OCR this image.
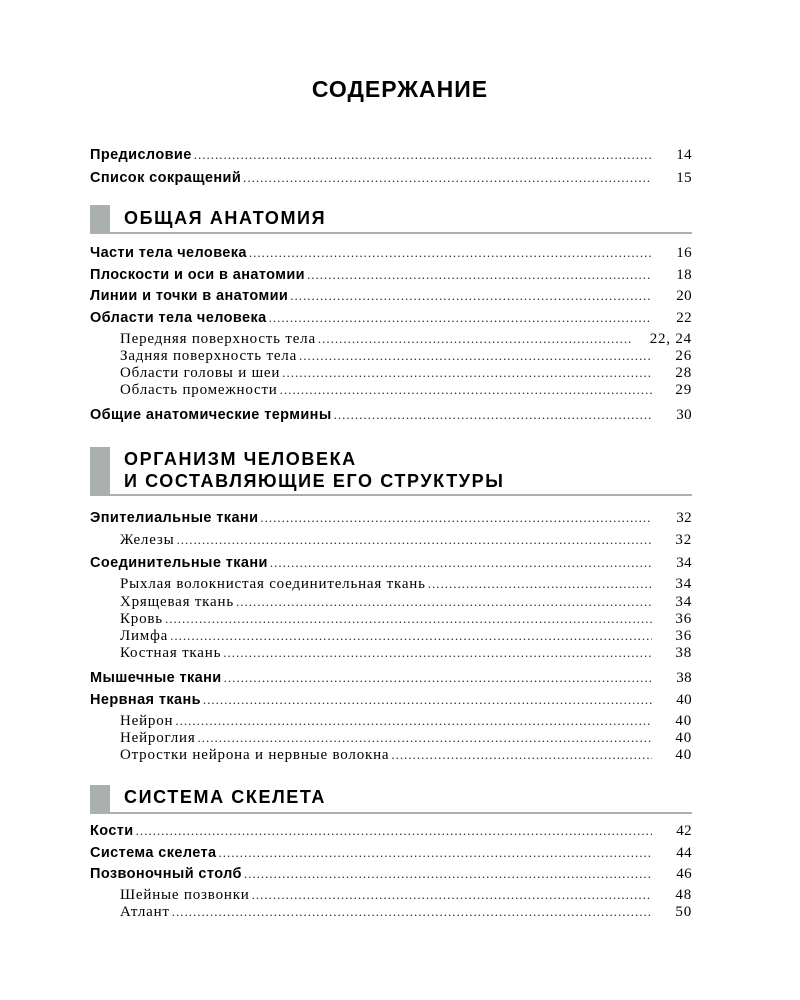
СОДЕРЖАНИЕ
Предисловие .....	14
Список сокращений .....	15
ОБЩАЯ АНАТОМИЯ
Части тела человека .....	16
Плоскости и оси в анатомии .....	18
Линии и точки в анатомии .....	20
Области тела человека .....	22
Передняя поверхность тела .....	22, 24
Задняя поверхность тела .....	26
Области головы и шеи .....	28
Область промежности .....	29
Общие анатомические термины .....	30
ОРГАНИЗМ ЧЕЛОВЕКА
И СОСТАВЛЯЮЩИЕ ЕГО СТРУКТУРЫ
Эпителиальные ткани .....	32
Железы .....	32
Соединительные ткани .....	34
Рыхлая волокнистая соединительная ткань .....	34
Хрящевая ткань .....	34
Кровь .....	36
Лимфа .....	36
Костная ткань .....	38
Мышечные ткани .....	38
Нервная ткань .....	40
Нейрон .....	40
Нейроглия .....	40
Отростки нейрона и нервные волокна .....	40
СИСТЕМА СКЕЛЕТА
Кости .....	42
Система скелета .....	44
Позвоночный столб .....	46
Шейные позвонки .....	48
Атлант .....	50
